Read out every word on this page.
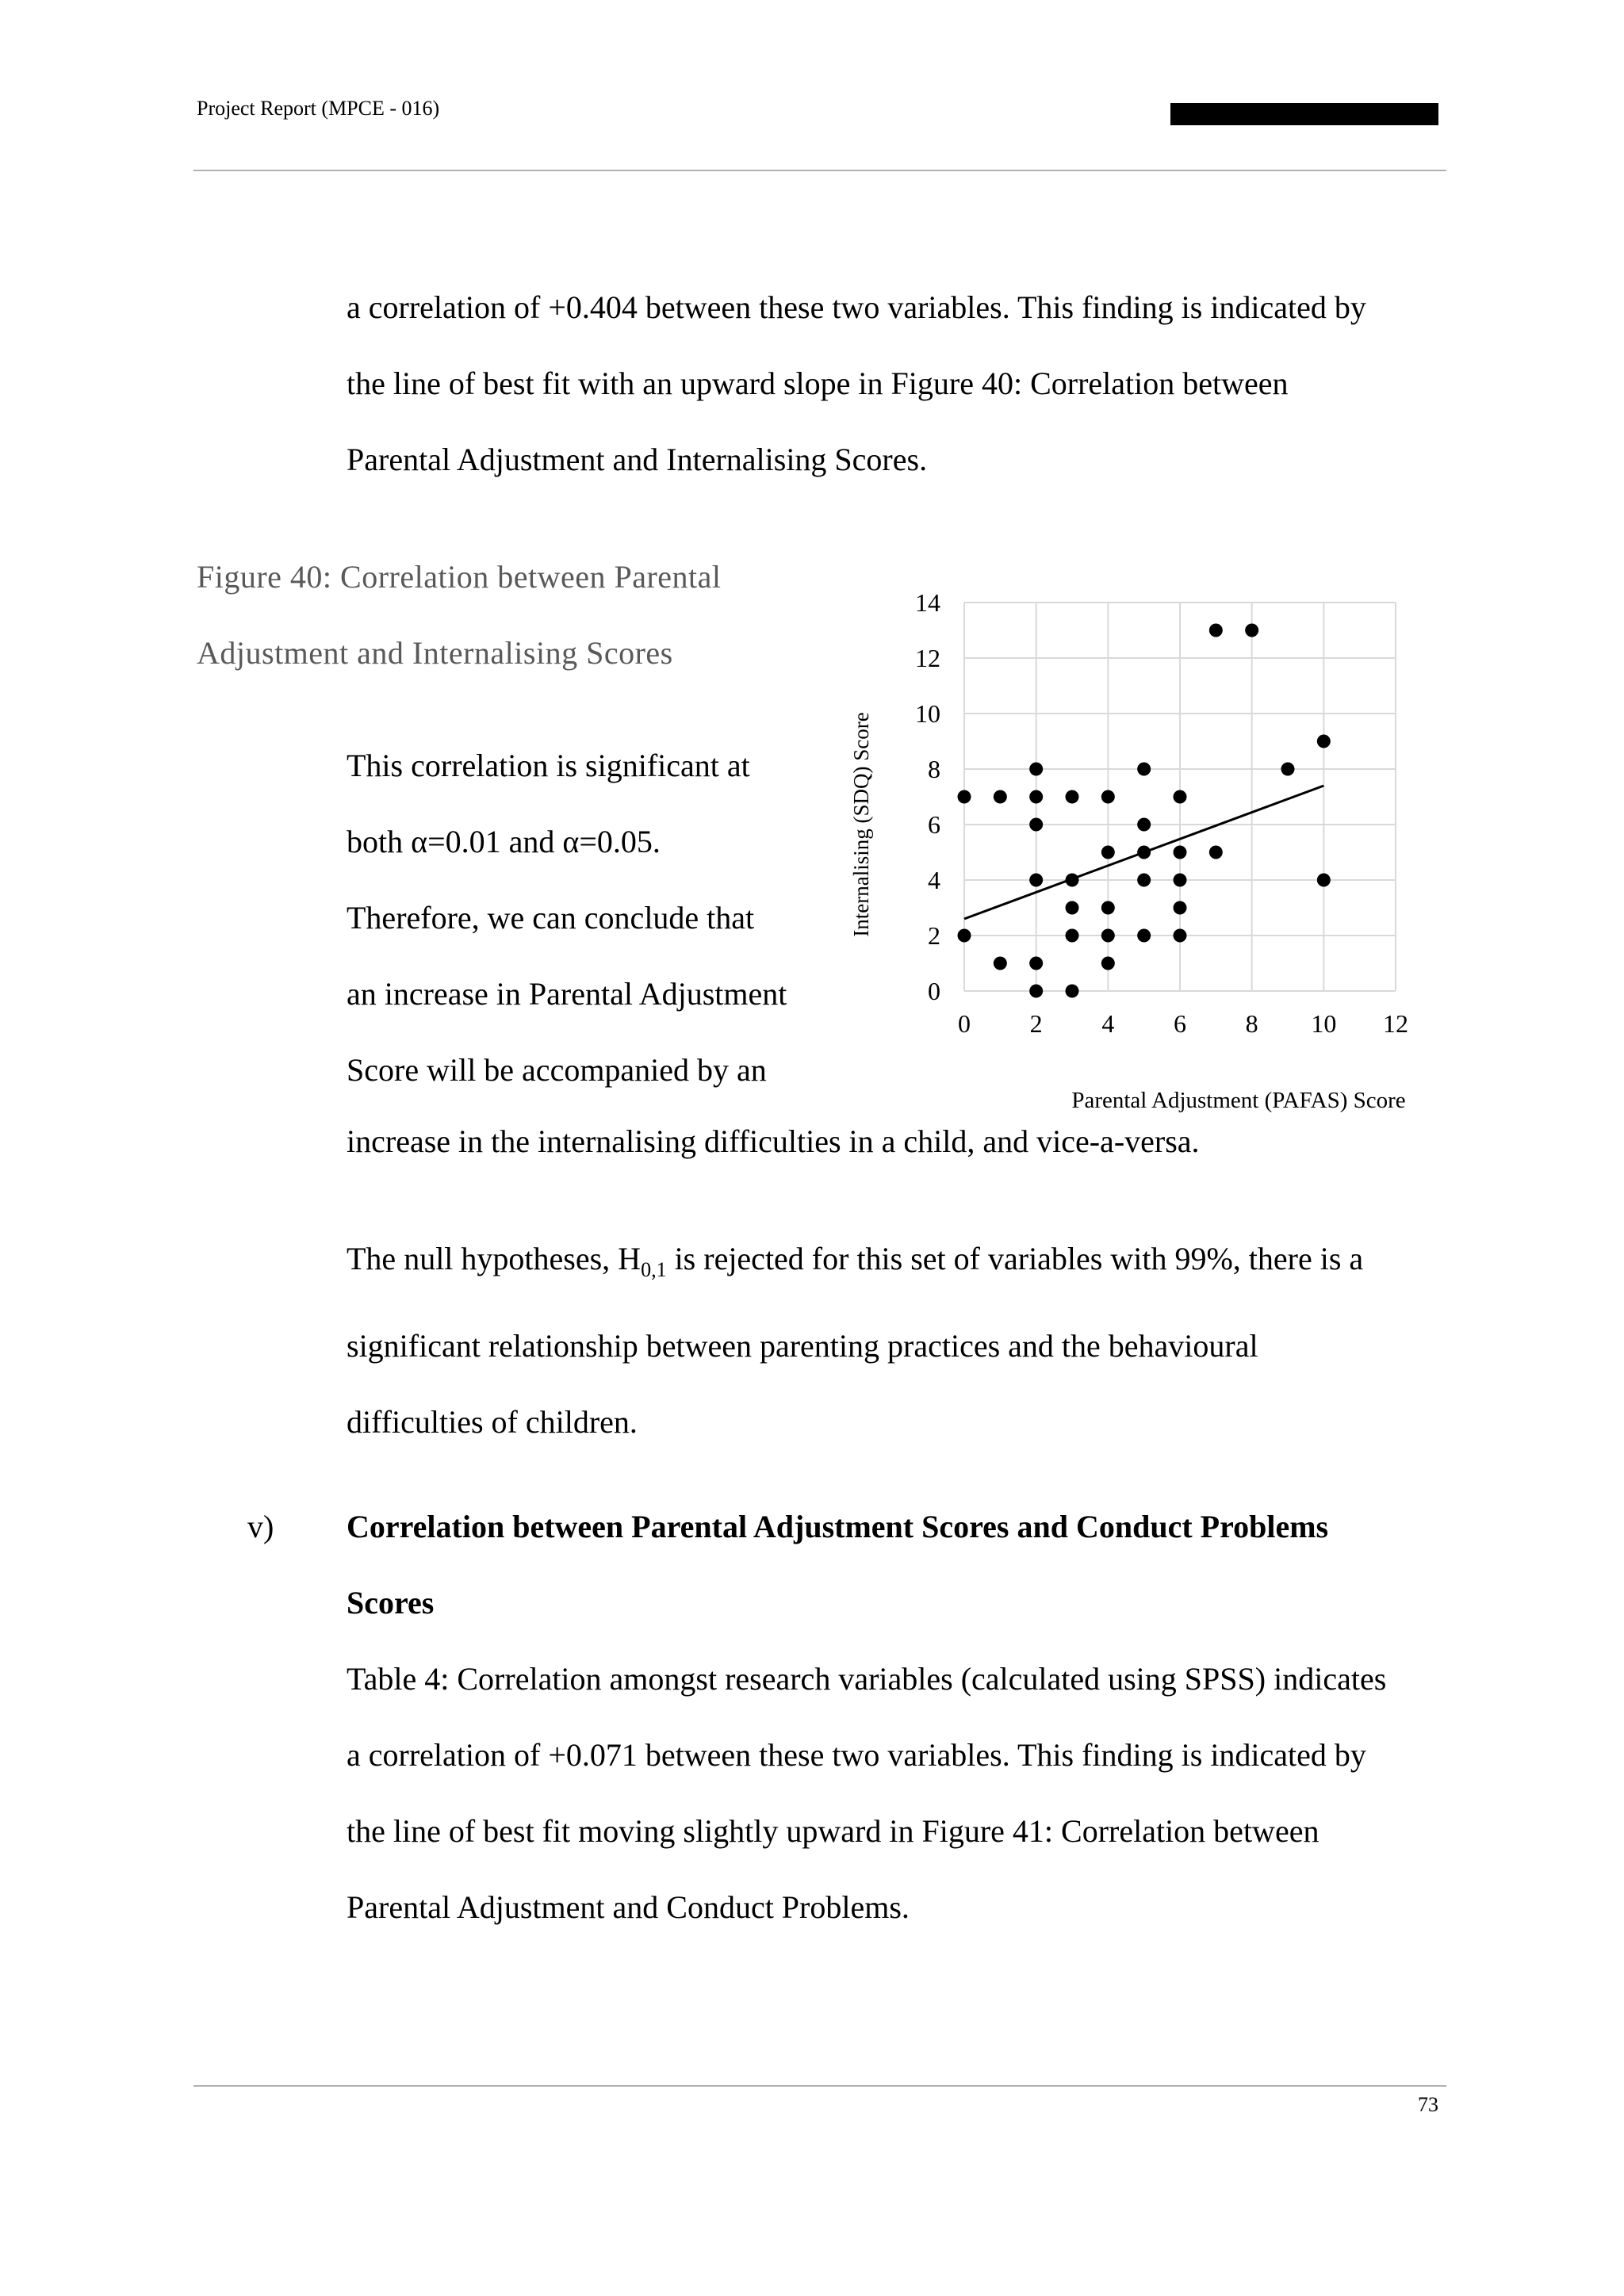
Project Report (MPCE - 016)
a correlation of +0.404 between these two variables. This finding is indicated by
the line of best fit with an upward slope in Figure 40: Correlation between
Parental Adjustment and Internalising Scores.
Figure 40: Correlation between Parental
Adjustment and Internalising Scores
This correlation is significant at
both α=0.01 and α=0.05.
Therefore, we can conclude that
an increase in Parental Adjustment
Score will be accompanied by an
0
2
4
6
8
10
12
14
0 2 4 6 8 10 12
Internalising (SDQ) Score
Parental Adjustment (PAFAS) Score
increase in the internalising difficulties in a child, and vice-a-versa.
The null hypotheses, $H_{0,1}$ is rejected for this set of variables with 99%, there is a
significant relationship between parenting practices and the behavioural
difficulties of children.
v) Correlation between Parental Adjustment Scores and Conduct Problems
Scores
Table 4: Correlation amongst research variables (calculated using SPSS) indicates
a correlation of +0.071 between these two variables. This finding is indicated by
the line of best fit moving slightly upward in Figure 41: Correlation between
Parental Adjustment and Conduct Problems.
73
